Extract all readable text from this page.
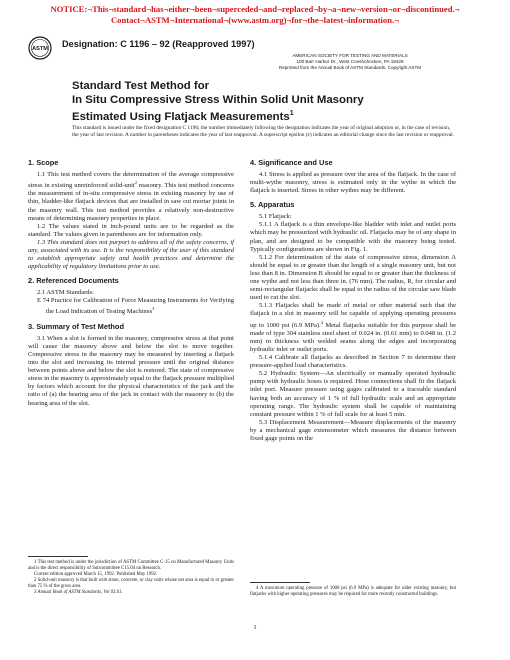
NOTICE:¬This¬standard¬has¬either¬been¬superceded¬and¬replaced¬by¬a¬new¬version¬or¬discontinued.¬
Contact¬ASTM¬International¬(www.astm.org)¬for¬the¬latest¬information.¬
ASTM
Designation: C 1196 – 92 (Reapproved 1997)
AMERICAN SOCIETY FOR TESTING AND MATERIALS
100 Barr Harbor Dr., West Conshohocken, PA 19428
Reprinted from the Annual Book of ASTM Standards. Copyright ASTM
Standard Test Method for
In Situ Compressive Stress Within Solid Unit Masonry
Estimated Using Flatjack Measurements$^1$
This standard is issued under the fixed designation C 1196; the number immediately following the designation indicates the year of original adoption or, in the case of revision, the year of last revision. A number in parentheses indicates the year of last reapproval. A superscript epsilon (ε) indicates an editorial change since the last revision or reapproval.
1. Scope

1.1 This test method covers the determination of the average compressive stress in existing unreinforced solid-unit$^2$ masonry. This test method concerns the measurement of in-situ compressive stress in existing masonry by use of thin, bladder-like flatjack devices that are installed in saw cut mortar joints in the masonry wall. This test method provides a relatively non-destructive means of determining masonry properties in place.

1.2 The values stated in inch-pound units are to be regarded as the standard. The values given in parentheses are for information only.

1.3 This standard does not purport to address all of the safety concerns, if any, associated with its use. It is the responsibility of the user of this standard to establish appropriate safety and health practices and determine the applicability of regulatory limitations prior to use.

2. Referenced Documents

2.1 ASTM Standards:

E 74 Practice for Calibration of Force Measuring Instruments for Verifying the Load Indication of Testing Machines$^3$

3. Summary of Test Method

3.1 When a slot is formed in the masonry, compressive stress at that point will cause the masonry above and below the slot to move together. Compressive stress in the masonry may be measured by inserting a flatjack into the slot and increasing its internal pressure until the original distance between points above and below the slot is restored. The state of compressive stress in the masonry is approximately equal to the flatjack pressure multiplied by factors which account for the physical characteristics of the jack and the ratio of (a) the bearing area of the jack in contact with the masonry to (b) the bearing area of the slot.

1 This test method is under the jurisdiction of ASTM Committee C-15 on Manufactured Masonry Units and is the direct responsibility of Subcommittee C15.04 on Research.

Current edition approved March 15, 1992. Published May 1992.

2 Solid-unit masonry is that built with stone, concrete, or clay units whose net area is equal to or greater than 75 % of the gross area.

3 Annual Book of ASTM Standards, Vol 03.01.

4. Significance and Use

4.1 Stress is applied as pressure over the area of the flatjack. In the case of multi-wythe masonry, stress is estimated only in the wythe in which the flatjack is inserted. Stress in other wythes may be different.

5. Apparatus

5.1 Flatjack:

5.1.1 A flatjack is a thin envelope-like bladder with inlet and outlet ports which may be pressurized with hydraulic oil. Flatjacks may be of any shape in plan, and are designed to be compatible with the masonry being tested. Typically configurations are shown in Fig. 1.

5.1.2 For determination of the state of compressive stress, dimension A should be equal to or greater than the length of a single masonry unit, but not less than 8 in. Dimension B should be equal to or greater than the thickness of one wythe and not less than three in. (76 mm). The radius, R, for circular and semi-rectangular flatjacks shall be equal to the radius of the circular saw blade used to cut the slot.

5.1.3 Flatjacks shall be made of metal or other material such that the flatjack in a slot in masonry will be capable of applying operating pressures up to 1000 psi (6.9 MPa).$^4$ Metal flatjacks suitable for this purpose shall be made of type 304 stainless steel sheet of 0.024 in. (0.61 mm) to 0.048 in. (1.2 mm) in thickness with welded seams along the edges and incorporating hydraulic inlet or outlet ports.

5.1.4 Calibrate all flatjacks as described in Section 7 to determine their pressure-applied load characteristics.

5.2 Hydraulic System—An electrically or manually operated hydraulic pump with hydraulic hoses is required. Hose connections shall fit the flatjack inlet port. Measure pressure using gages calibrated to a traceable standard having both an accuracy of 1 % of full hydraulic scale and an appropriate operating range. The hydraulic system shall be capable of maintaining constant pressure within 1 % of full scale for at least 5 min.

5.3 Displacement Measurement—Measure displacements of the masonry by a mechanical gage extensometer which measures the distance between fixed gage points on the

4 A maximum operating pressure of 1000 psi (6.9 MPa) is adequate for older existing masonry, but flatjacks with higher operating pressures may be required for more recently constructed buildings.

1
